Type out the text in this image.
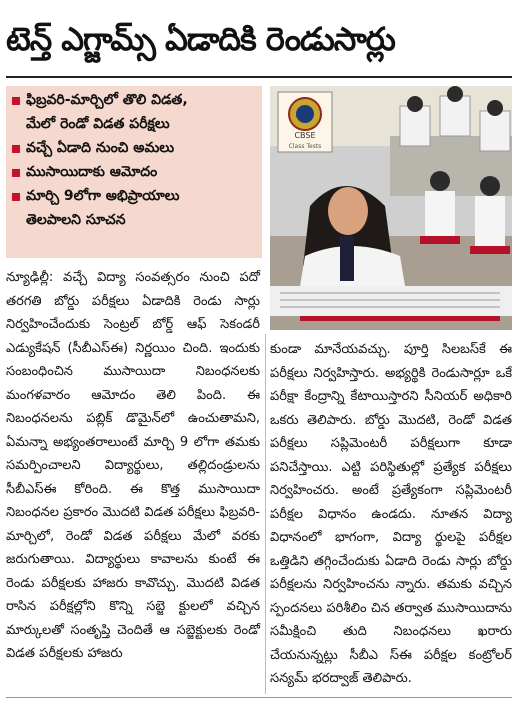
టెన్త్ ఎగ్జామ్స్ ఏడాదికి రెండుసార్లు
ఫిబ్రవరి-మార్చిలో తొలి విడత,
మేలో రెండో విడత పరీక్షలు
వచ్చే ఏడాది నుంచి అమలు
ముసాయిదాకు ఆమోదం
మార్చి 9లోగా అభిప్రాయాలు
తెలపాలని సూచన
CBSE
Class Tests
న్యూఢిల్లీ: వచ్చే విద్యా సంవత్సరం నుంచి పదో తరగతి బోర్డు పరీక్షలు ఏడాదికి రెండు సార్లు నిర్వహించేందుకు సెంట్రల్ బోర్డ్ ఆఫ్ సెకండరీ ఎడ్యుకేషన్ (సీబీఎస్‌ఈ) నిర్ణయిం చింది. ఇందుకు సంబంధించిన ముసాయిదా నిబంధనలకు మంగళవారం ఆమోదం తెలి పింది. ఈ నిబంధనలను పబ్లిక్ డొమైన్‌లో ఉంచుతామని, ఏమన్నా అభ్యంతరాలుంటే మార్చి 9 లోగా తమకు సమర్పించాలని విద్యార్థులు, తల్లిదండ్రులను సీబీఎస్‌ఈ కోరింది. ఈ కొత్త ముసాయిదా నిబంధనల ప్రకారం మొదటి విడత పరీక్షలు ఫిబ్రవరి-మార్చిలో, రెండో విడత పరీక్షలు మేలో వరకు జరుగుతాయి. విద్యార్థులు కావాలను కుంటే ఈ రెండు పరీక్షలకు హాజరు కావొచ్చు. మొదటి విడత రాసిన పరీక్షల్లోని కొన్ని సబ్జె క్టులలో వచ్చిన మార్కులతో సంతృప్తి చెందితే ఆ సబ్జెక్టులకు రెండో విడత పరీక్షలకు హాజరు
కుండా మానేయవచ్చు. పూర్తి సిలబస్‌కే ఈ పరీక్షలు నిర్వహిస్తారు. అభ్యర్థికి రెండుసార్లూ ఒకే పరీక్షా కేంద్రాన్ని కేటాయిస్తారని సీనియర్ అధికారి ఒకరు తెలిపారు. బోర్డు మొదటి, రెండో విడత పరీక్షలు సప్లిమెంటరీ పరీక్షలుగా కూడా పనిచేస్తాయి. ఎట్టి పరిస్థితుల్లో ప్రత్యేక పరీక్షలు నిర్వహించరు. అంటే ప్రత్యేకంగా సప్లిమెంటరీ పరీక్షల విధానం ఉండదు. నూతన విద్యా విధానంలో భాగంగా, విద్యా ర్థులపై పరీక్షల ఒత్తిడిని తగ్గించేందుకు ఏడాది రెండు సార్లు బోర్డు పరీక్షలను నిర్వహించను న్నారు. తమకు వచ్చిన స్పందనలు పరిశీలిం చిన తర్వాత ముసాయిదాను సమీక్షించి తుది నిబంధనలు ఖరారు చేయనున్నట్లు సీబీఎ స్‌ఈ పరీక్షల కంట్రోలర్ సన్యమ్ భరద్వాజ్ తెలిపారు.
